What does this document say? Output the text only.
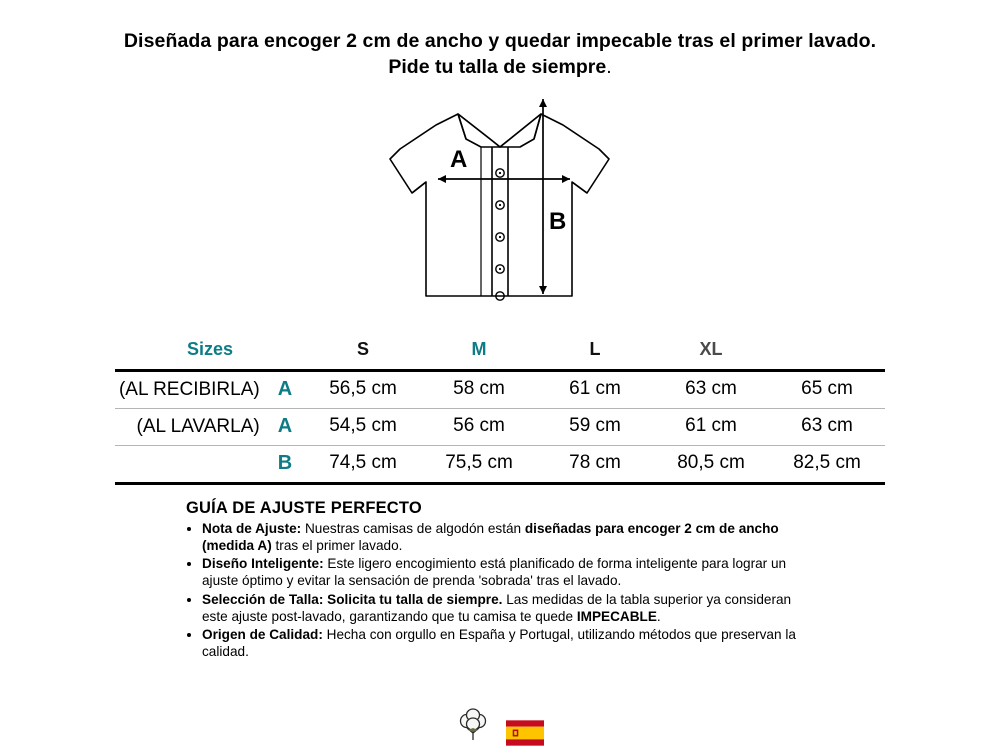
Diseñada para encoger 2 cm de ancho y quedar impecable tras el primer lavado.
Pide tu talla de siempre.
A
B
Sizes	S	M	L	XL	
(AL RECIBIRLA) A	56,5 cm	58 cm	61 cm	63 cm	65 cm
(AL LAVARLA) A	54,5 cm	56 cm	59 cm	61 cm	63 cm
B	74,5 cm	75,5 cm	78 cm	80,5 cm	82,5 cm

GUÍA DE AJUSTE PERFECTO
• Nota de Ajuste: Nuestras camisas de algodón están diseñadas para encoger 2 cm de ancho (medida A) tras el primer lavado.
• Diseño Inteligente: Este ligero encogimiento está planificado de forma inteligente para lograr un ajuste óptimo y evitar la sensación de prenda 'sobrada' tras el lavado.
• Selección de Talla: Solicita tu talla de siempre. Las medidas de la tabla superior ya consideran este ajuste post-lavado, garantizando que tu camisa te quede IMPECABLE.
• Origen de Calidad: Hecha con orgullo en España y Portugal, utilizando métodos que preservan la calidad.
